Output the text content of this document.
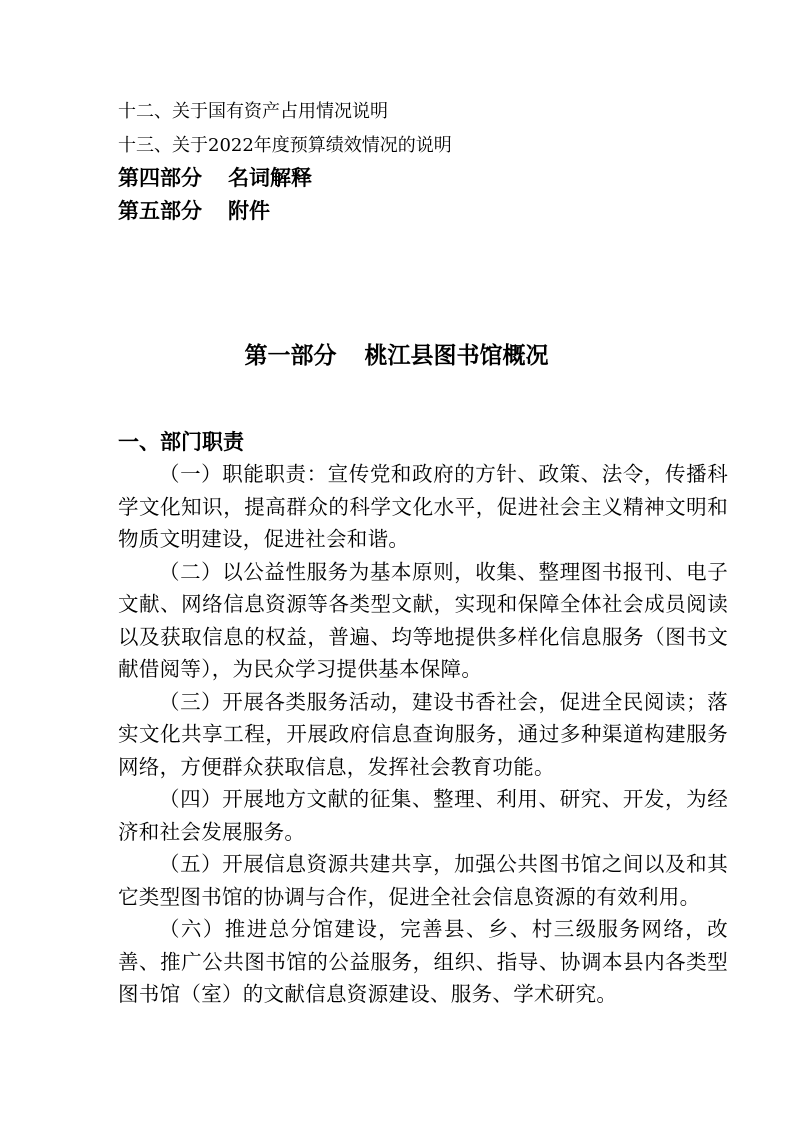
十二、关于国有资产占用情况说明
十三、关于2022年度预算绩效情况的说明
第四部分 名词解释
第五部分 附件
第一部分 桃江县图书馆概况
一、部门职责

（一）职能职责：宣传党和政府的方针、政策、法令，传播科学文化知识，提高群众的科学文化水平，促进社会主义精神文明和物质文明建设，促进社会和谐。

（二）以公益性服务为基本原则，收集、整理图书报刊、电子文献、网络信息资源等各类型文献，实现和保障全体社会成员阅读以及获取信息的权益，普遍、均等地提供多样化信息服务（图书文献借阅等），为民众学习提供基本保障。

（三）开展各类服务活动，建设书香社会，促进全民阅读；落实文化共享工程，开展政府信息查询服务，通过多种渠道构建服务网络，方便群众获取信息，发挥社会教育功能。

（四）开展地方文献的征集、整理、利用、研究、开发，为经济和社会发展服务。

（五）开展信息资源共建共享，加强公共图书馆之间以及和其它类型图书馆的协调与合作，促进全社会信息资源的有效利用。

（六）推进总分馆建设，完善县、乡、村三级服务网络，改善、推广公共图书馆的公益服务，组织、指导、协调本县内各类型图书馆（室）的文献信息资源建设、服务、学术研究。
